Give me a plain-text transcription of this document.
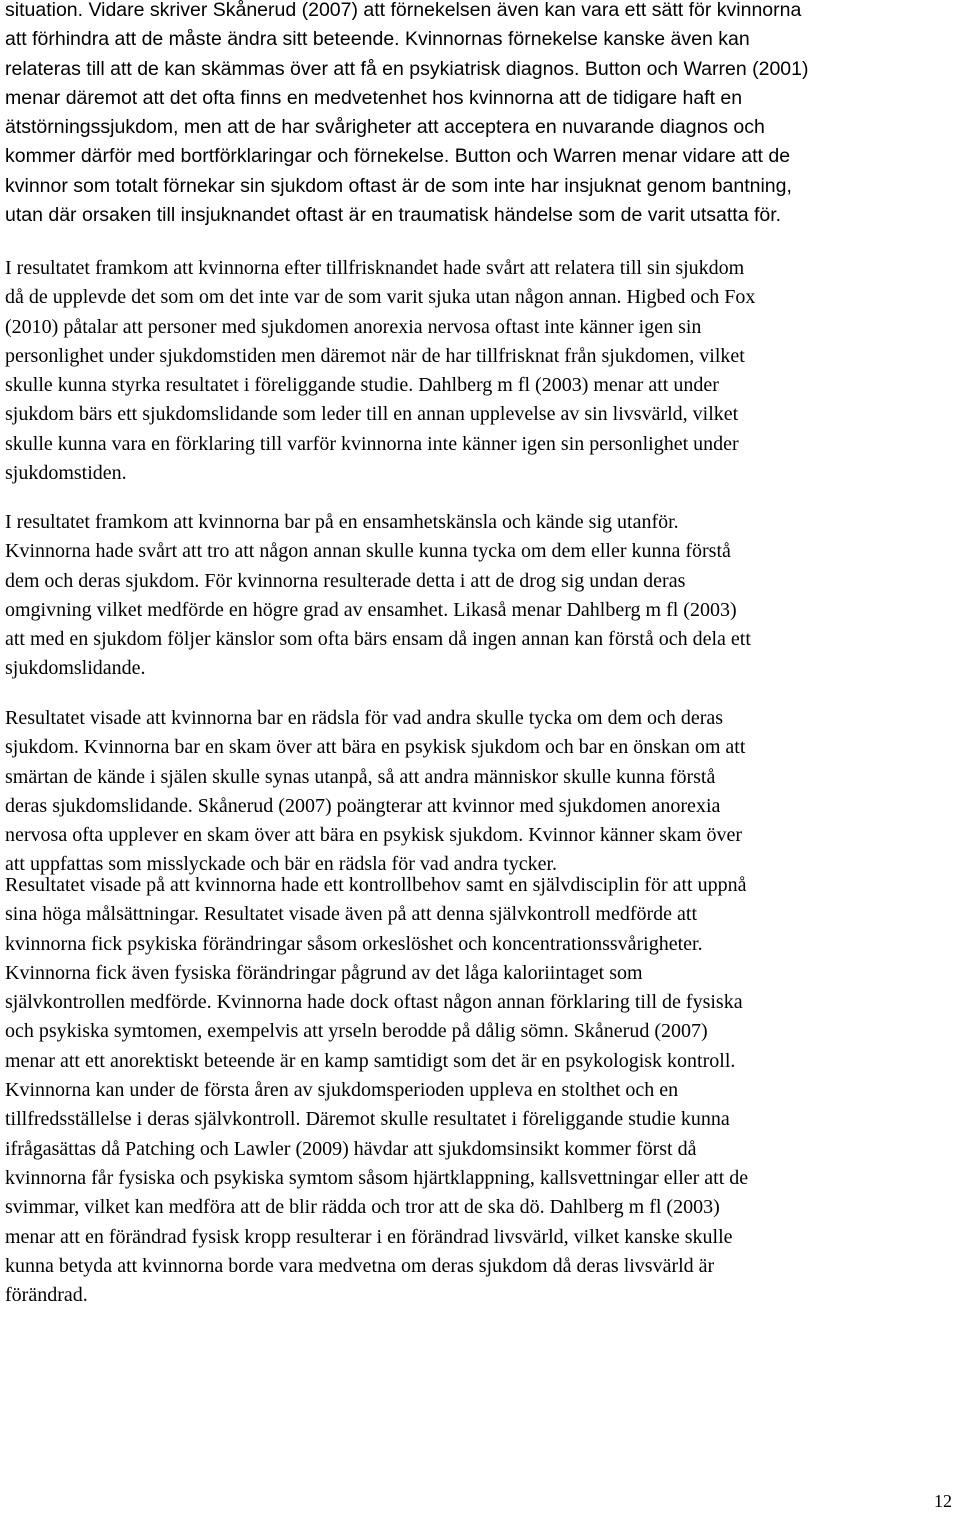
situation. Vidare skriver Skånerud (2007) att förnekelsen även kan vara ett sätt för kvinnorna
att förhindra att de måste ändra sitt beteende. Kvinnornas förnekelse kanske även kan
relateras till att de kan skämmas över att få en psykiatrisk diagnos. Button och Warren (2001)
menar däremot att det ofta finns en medvetenhet hos kvinnorna att de tidigare haft en
ätstörningssjukdom, men att de har svårigheter att acceptera en nuvarande diagnos och
kommer därför med bortförklaringar och förnekelse. Button och Warren menar vidare att de
kvinnor som totalt förnekar sin sjukdom oftast är de som inte har insjuknat genom bantning,
utan där orsaken till insjuknandet oftast är en traumatisk händelse som de varit utsatta för.

I resultatet framkom att kvinnorna efter tillfrisknandet hade svårt att relatera till sin sjukdom
då de upplevde det som om det inte var de som varit sjuka utan någon annan. Higbed och Fox
(2010) påtalar att personer med sjukdomen anorexia nervosa oftast inte känner igen sin
personlighet under sjukdomstiden men däremot när de har tillfrisknat från sjukdomen, vilket
skulle kunna styrka resultatet i föreliggande studie. Dahlberg m fl (2003) menar att under
sjukdom bärs ett sjukdomslidande som leder till en annan upplevelse av sin livsvärld, vilket
skulle kunna vara en förklaring till varför kvinnorna inte känner igen sin personlighet under
sjukdomstiden.

I resultatet framkom att kvinnorna bar på en ensamhetskänsla och kände sig utanför.
Kvinnorna hade svårt att tro att någon annan skulle kunna tycka om dem eller kunna förstå
dem och deras sjukdom. För kvinnorna resulterade detta i att de drog sig undan deras
omgivning vilket medförde en högre grad av ensamhet. Likaså menar Dahlberg m fl (2003)
att med en sjukdom följer känslor som ofta bärs ensam då ingen annan kan förstå och dela ett
sjukdomslidande.

Resultatet visade att kvinnorna bar en rädsla för vad andra skulle tycka om dem och deras
sjukdom. Kvinnorna bar en skam över att bära en psykisk sjukdom och bar en önskan om att
smärtan de kände i själen skulle synas utanpå, så att andra människor skulle kunna förstå
deras sjukdomslidande. Skånerud (2007) poängterar att kvinnor med sjukdomen anorexia
nervosa ofta upplever en skam över att bära en psykisk sjukdom. Kvinnor känner skam över
att uppfattas som misslyckade och bär en rädsla för vad andra tycker.

Resultatet visade på att kvinnorna hade ett kontrollbehov samt en självdisciplin för att uppnå
sina höga målsättningar. Resultatet visade även på att denna självkontroll medförde att
kvinnorna fick psykiska förändringar såsom orkeslöshet och koncentrationssvårigheter.
Kvinnorna fick även fysiska förändringar pågrund av det låga kaloriintaget som
självkontrollen medförde. Kvinnorna hade dock oftast någon annan förklaring till de fysiska
och psykiska symtomen, exempelvis att yrseln berodde på dålig sömn. Skånerud (2007)
menar att ett anorektiskt beteende är en kamp samtidigt som det är en psykologisk kontroll.
Kvinnorna kan under de första åren av sjukdomsperioden uppleva en stolthet och en
tillfredsställelse i deras självkontroll. Däremot skulle resultatet i föreliggande studie kunna
ifrågasättas då Patching och Lawler (2009) hävdar att sjukdomsinsikt kommer först då
kvinnorna får fysiska och psykiska symtom såsom hjärtklappning, kallsvettningar eller att de
svimmar, vilket kan medföra att de blir rädda och tror att de ska dö. Dahlberg m fl (2003)
menar att en förändrad fysisk kropp resulterar i en förändrad livsvärld, vilket kanske skulle
kunna betyda att kvinnorna borde vara medvetna om deras sjukdom då deras livsvärld är
förändrad.

12
